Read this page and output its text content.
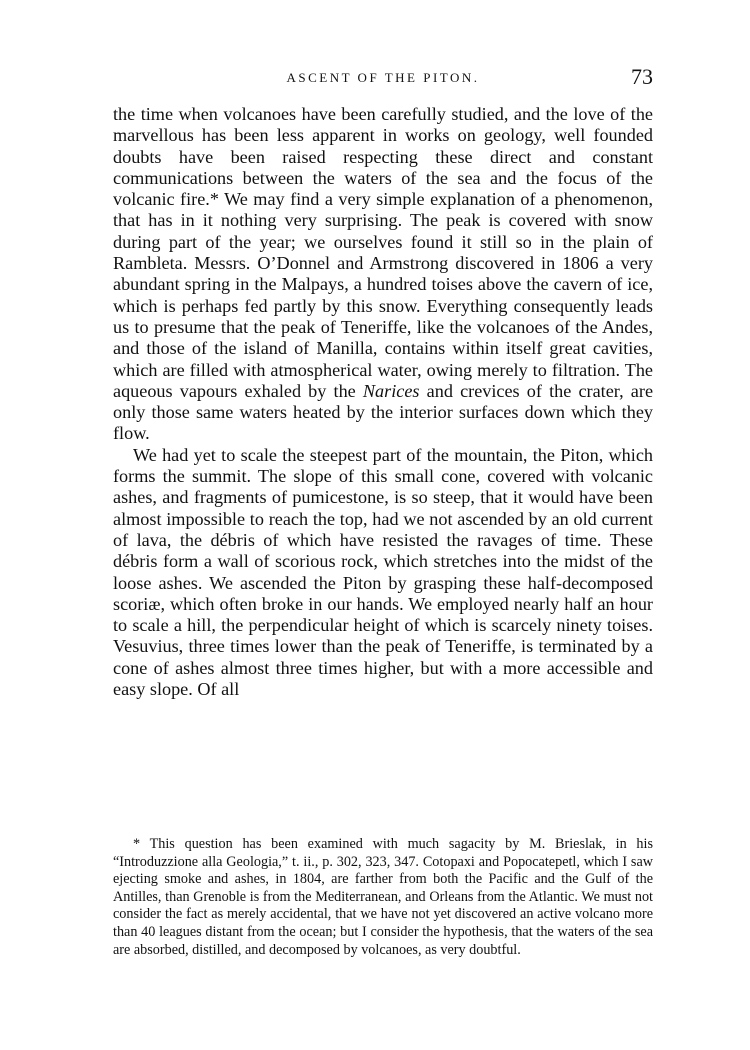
ASCENT OF THE PITON.	73

the time when volcanoes have been carefully studied, and the love of the marvellous has been less apparent in works on geology, well founded doubts have been raised respecting these direct and constant communications between the waters of the sea and the focus of the volcanic fire.* We may find a very simple explanation of a phenomenon, that has in it nothing very surprising. The peak is covered with snow during part of the year; we ourselves found it still so in the plain of Rambleta. Messrs. O’Donnel and Armstrong discovered in 1806 a very abundant spring in the Malpays, a hundred toises above the cavern of ice, which is perhaps fed partly by this snow. Everything consequently leads us to presume that the peak of Teneriffe, like the volcanoes of the Andes, and those of the island of Manilla, contains within itself great cavities, which are filled with atmospherical water, owing merely to filtration. The aqueous vapours exhaled by the Narices and crevices of the crater, are only those same waters heated by the interior surfaces down which they flow.

We had yet to scale the steepest part of the mountain, the Piton, which forms the summit. The slope of this small cone, covered with volcanic ashes, and fragments of pumicestone, is so steep, that it would have been almost impossible to reach the top, had we not ascended by an old current of lava, the débris of which have resisted the ravages of time. These débris form a wall of scorious rock, which stretches into the midst of the loose ashes. We ascended the Piton by grasping these half-decomposed scoriæ, which often broke in our hands. We employed nearly half an hour to scale a hill, the perpendicular height of which is scarcely ninety toises. Vesuvius, three times lower than the peak of Teneriffe, is terminated by a cone of ashes almost three times higher, but with a more accessible and easy slope. Of all

* This question has been examined with much sagacity by M. Brieslak, in his “Introduzzione alla Geologia,” t. ii., p. 302, 323, 347. Cotopaxi and Popocatepetl, which I saw ejecting smoke and ashes, in 1804, are farther from both the Pacific and the Gulf of the Antilles, than Grenoble is from the Mediterranean, and Orleans from the Atlantic. We must not consider the fact as merely accidental, that we have not yet discovered an active volcano more than 40 leagues distant from the ocean; but I consider the hypothesis, that the waters of the sea are absorbed, distilled, and decomposed by volcanoes, as very doubtful.
